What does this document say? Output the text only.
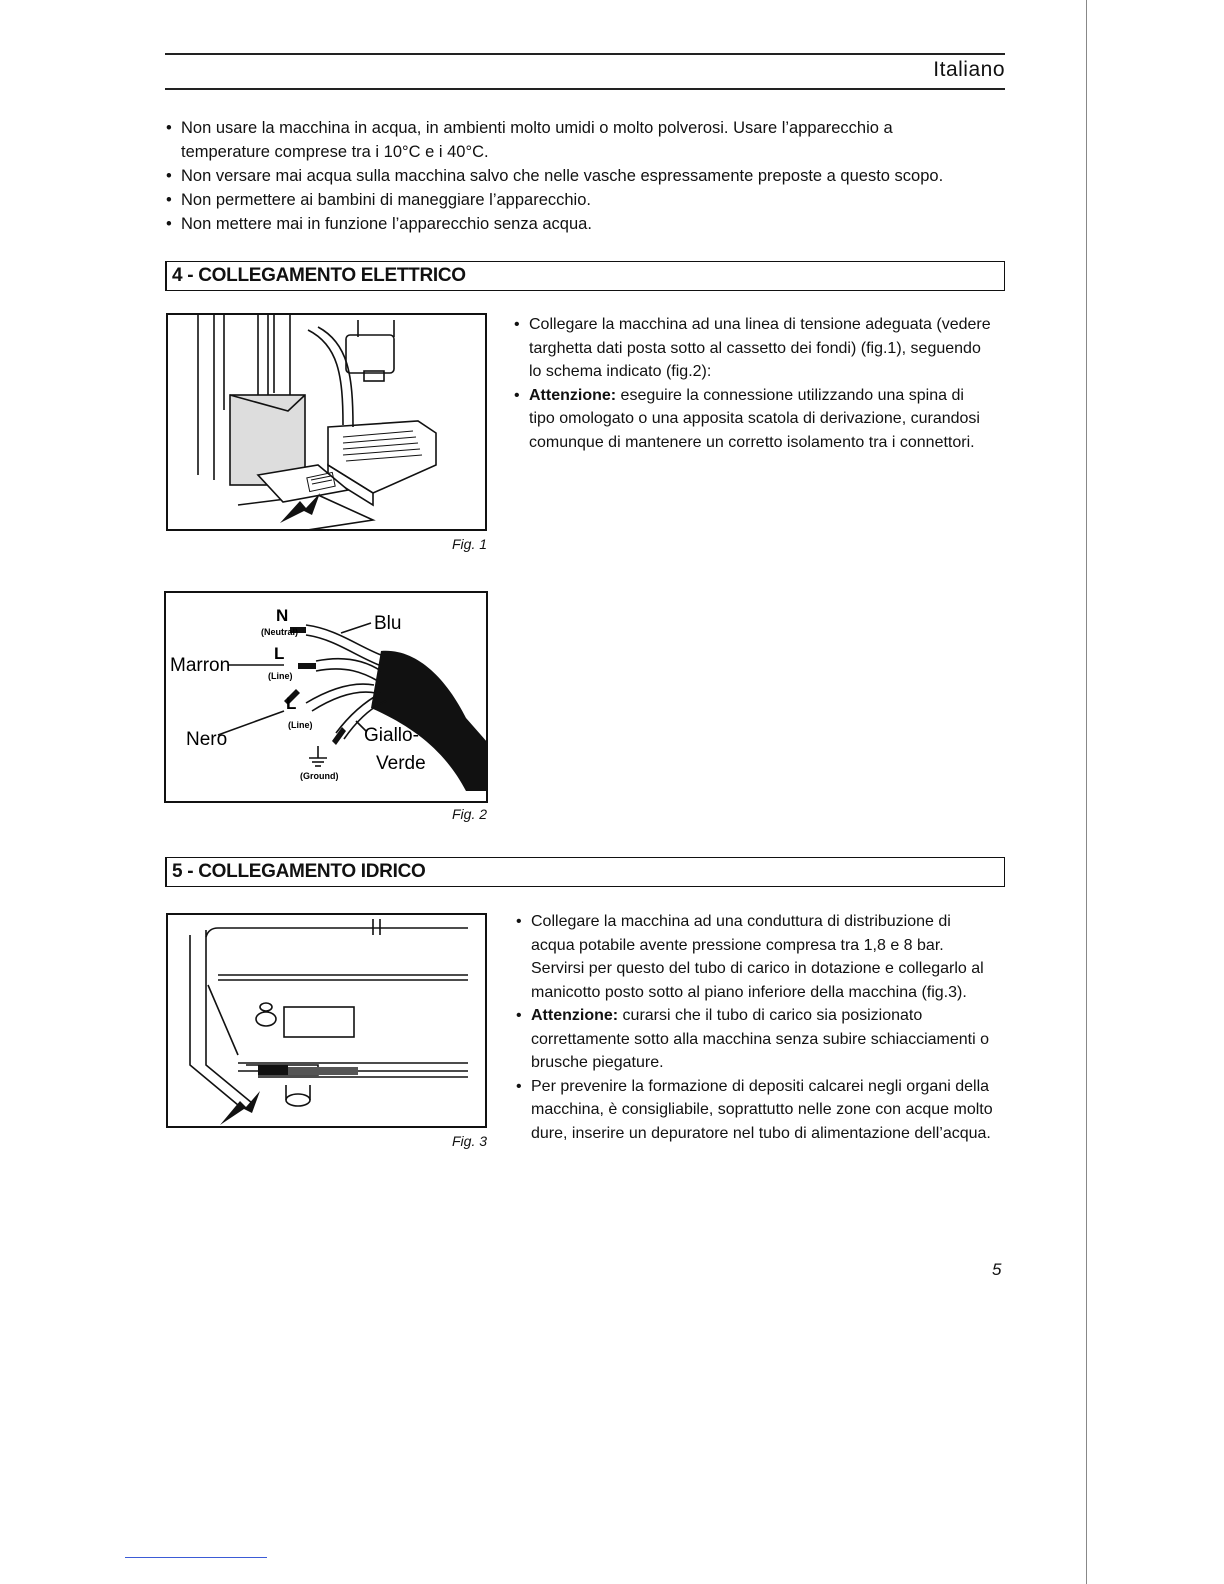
Italiano
• Non usare la macchina in acqua, in ambienti molto umidi o molto polverosi. Usare l’apparecchio a temperature comprese tra i 10°C e i 40°C.
• Non versare mai acqua sulla macchina salvo che nelle vasche espressamente preposte a questo scopo.
• Non permettere ai bambini di maneggiare l’apparecchio.
• Non mettere mai in funzione l’apparecchio senza acqua.
4 - COLLEGAMENTO ELETTRICO
Fig. 1
• Collegare la macchina ad una linea di tensione adeguata (vedere targhetta dati posta sotto al cassetto dei fondi) (fig.1), seguendo lo schema indicato (fig.2):
• Attenzione: eseguire la connessione utilizzando una spina di tipo omologato o una apposita scatola di derivazione, curandosi comunque di mantenere un corretto isolamento tra i connettori.
N
(Neutral)	Blu
Marron
L
(Line)
Nero
L
(Line)	Giallo-
Verde
(Ground)
Fig. 2
5 - COLLEGAMENTO IDRICO
Fig. 3
• Collegare la macchina ad una conduttura di distribuzione di acqua potabile avente pressione compresa tra 1,8 e 8 bar. Servirsi per questo del tubo di carico in dotazione e collegarlo al manicotto posto sotto al piano inferiore della macchina (fig.3).
• Attenzione: curarsi che il tubo di carico sia posizionato correttamente sotto alla macchina senza subire schiacciamenti o brusche piegature.
• Per prevenire la formazione di depositi calcarei negli organi della macchina, è consigliabile, soprattutto nelle zone con acque molto dure, inserire un depuratore nel tubo di alimentazione dell’acqua.
5
